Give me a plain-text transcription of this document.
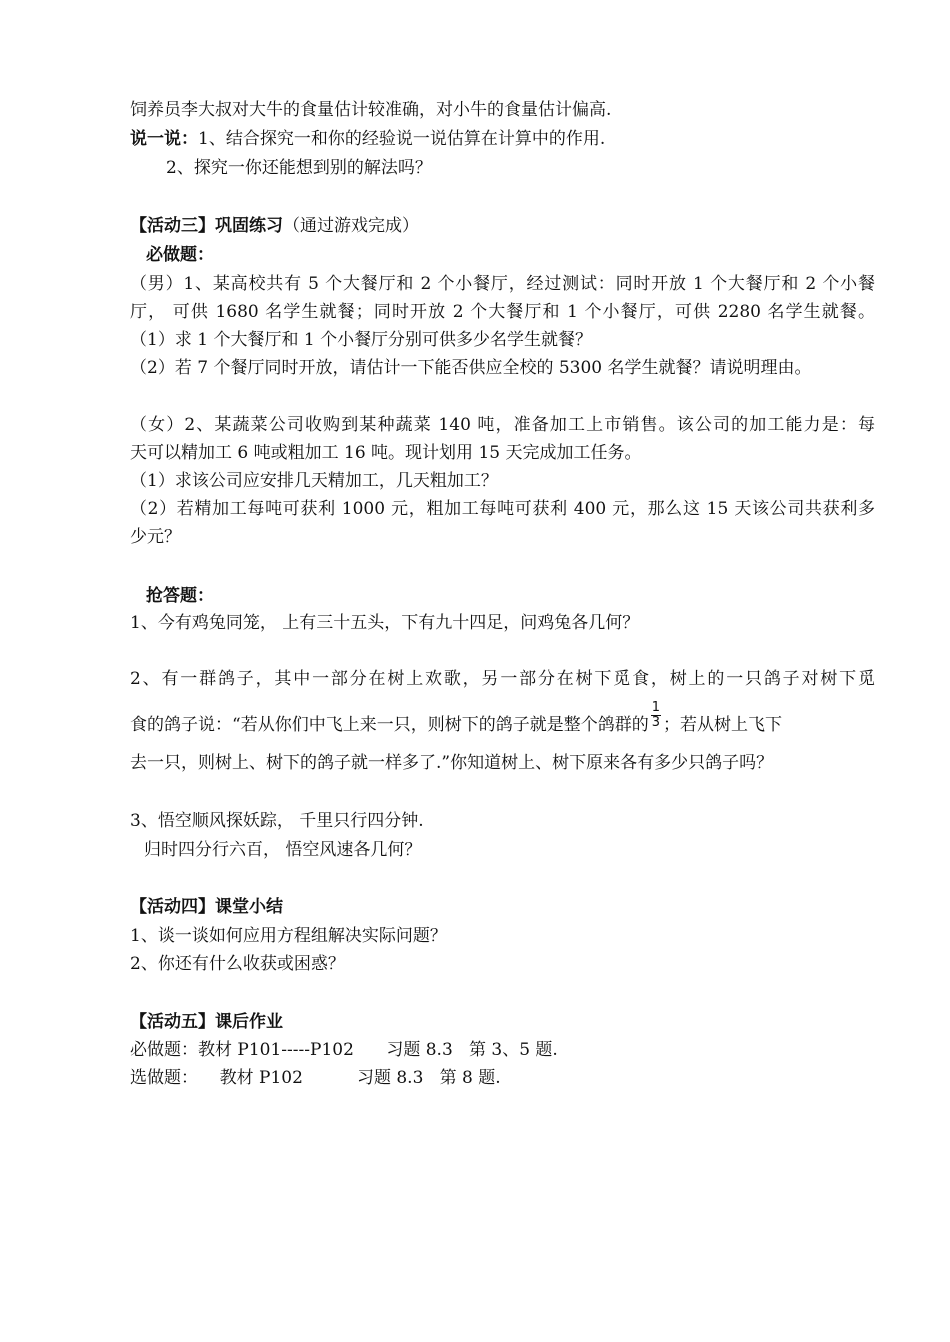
饲养员李大叔对大牛的食量估计较准确，对小牛的食量估计偏高.
说一说：1、结合探究一和你的经验说一说估算在计算中的作用.
2、探究一你还能想到别的解法吗？
【活动三】巩固练习（通过游戏完成）
必做题：
（男）1、某高校共有 5 个大餐厅和 2 个小餐厅，经过测试：同时开放 1 个大餐厅和 2 个小餐
厅， 可供 1680 名学生就餐；同时开放 2 个大餐厅和 1 个小餐厅，可供 2280 名学生就餐。
（1）求 1 个大餐厅和 1 个小餐厅分别可供多少名学生就餐？
（2）若 7 个餐厅同时开放，请估计一下能否供应全校的 5300 名学生就餐？请说明理由。
（女）2、某蔬菜公司收购到某种蔬菜 140 吨，准备加工上市销售。该公司的加工能力是：每
天可以精加工 6 吨或粗加工 16 吨。现计划用 15 天完成加工任务。
（1）求该公司应安排几天精加工，几天粗加工？
（2）若精加工每吨可获利 1000 元，粗加工每吨可获利 400 元，那么这 15 天该公司共获利多
少元？
抢答题：
1、今有鸡兔同笼， 上有三十五头，下有九十四足，问鸡兔各几何？
2、有一群鸽子，其中一部分在树上欢歌，另一部分在树下觅食，树上的一只鸽子对树下觅
食的鸽子说：“若从你们中飞上来一只，则树下的鸽子就是整个鸽群的 $\frac{1}{3}$ ；若从树上飞下
去一只，则树上、树下的鸽子就一样多了.”你知道树上、树下原来各有多少只鸽子吗？
3、悟空顺风探妖踪， 千里只行四分钟.
归时四分行六百， 悟空风速各几何？
【活动四】课堂小结
1、谈一谈如何应用方程组解决实际问题？
2、你还有什么收获或困惑？
【活动五】课后作业
必做题：教材 P101-----P102      习题 8.3   第 3、5 题.
选做题：    教材 P102          习题 8.3   第 8 题.
